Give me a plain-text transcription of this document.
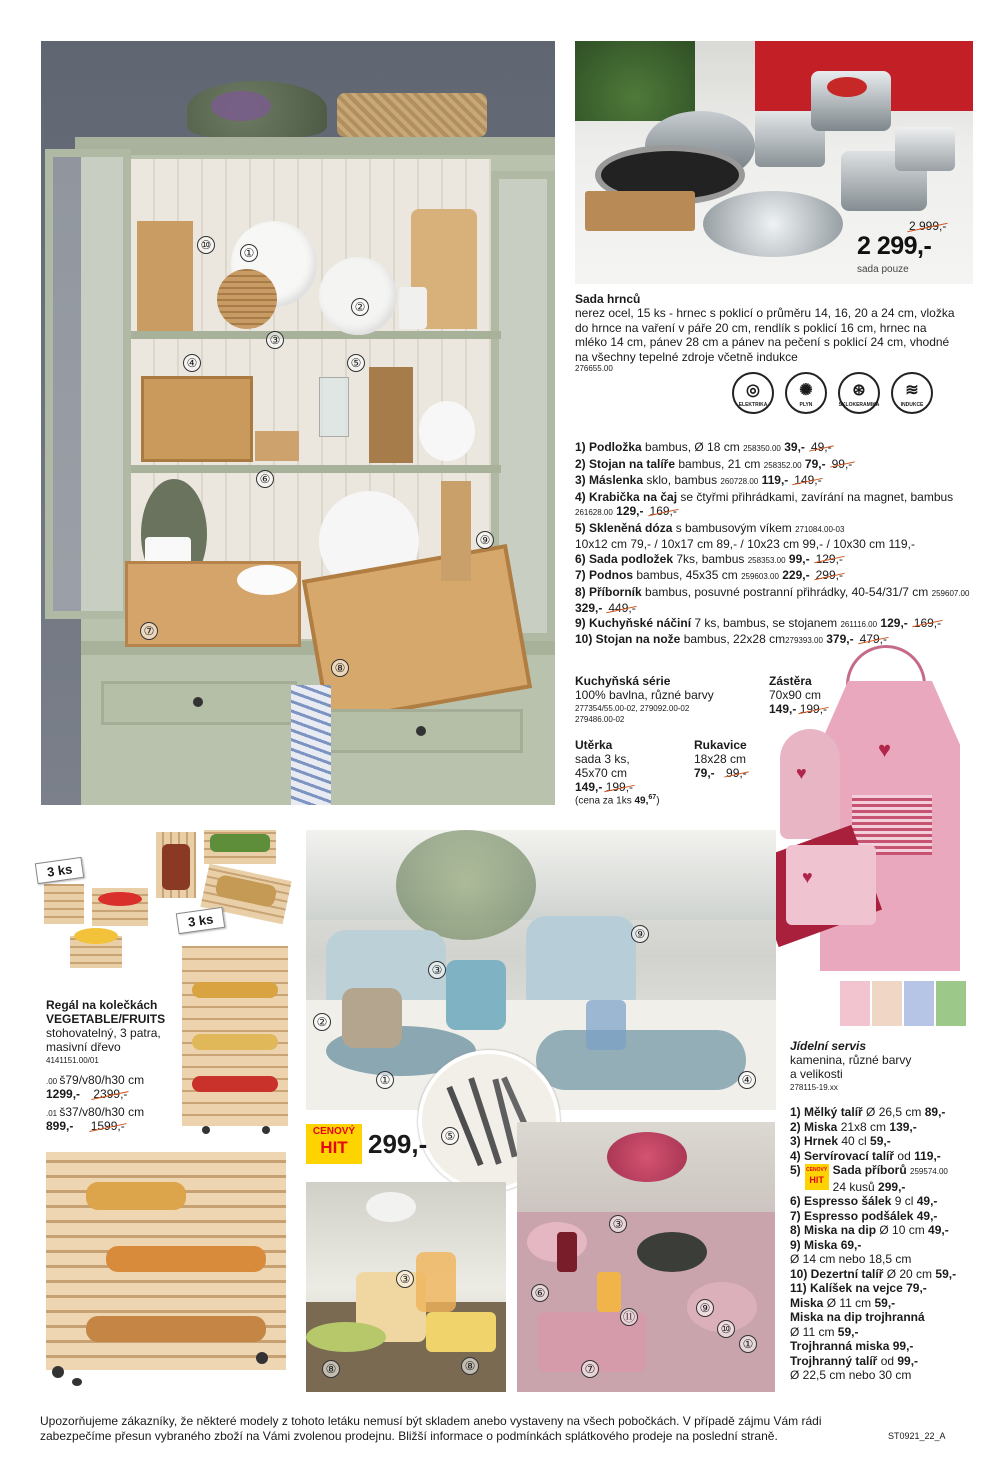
⑩
①
②
③
④	⑤
⑥
⑨
⑦
⑧
2 999,-
2 299,-
sada pouze
Sada hrnců
nerez ocel, 15 ks - hrnec s poklicí o průměru 14, 16, 20 a 24 cm, vložka do hrnce na vaření v páře 20 cm, rendlík s poklicí 16 cm, hrnec na mléko 14 cm, pánev 28 cm a pánev na pečení s poklicí 24 cm, vhodné na všechny tepelné zdroje včetně indukce
276655.00
◎
ELEKTRIKA
✺
PLYN
⊛
SKLOKERAMIKA
≋
INDUKCE
1) Podložka bambus, Ø 18 cm 258350.00 39,- 49,-
2) Stojan na talíře bambus, 21 cm 258352.00 79,- 99,-
3) Máslenka sklo, bambus 260728.00 119,- 149,-
4) Krabička na čaj se čtyřmi přihrádkami, zavírání na magnet, bambus 261628.00 129,- 169,-
5) Skleněná dóza s bambusovým víkem 271084.00-03
10x12 cm 79,- / 10x17 cm 89,- / 10x23 cm 99,- / 10x30 cm 119,-
6) Sada podložek 7ks, bambus 258353.00 99,- 129,-
7) Podnos bambus, 45x35 cm 259603.00 229,- 299,-
8) Příborník bambus, posuvné postranní přihrádky, 40-54/31/7 cm 259607.00 329,- 449,-
9) Kuchyňské náčiní 7 ks, bambus, se stojanem 261116.00 129,- 169,-
10) Stojan na nože bambus, 22x28 cm279393.00 379,- 479,-
Kuchyňská série
100% bavlna, různé barvy
277354/55.00-02, 279092.00-02
279486.00-02
Zástěra
70x90 cm
149,- 199,-
Utěrka
sada 3 ks,
45x70 cm
149,- 199,-
(cena za 1ks 49,67)
Rukavice
18x28 cm
79,- 99,-
♥
♥
♥
3 ks
3 ks
Regál na kolečkách
VEGETABLE/FRUITS
stohovatelný, 3 patra,
masivní dřevo
4141151.00/01
.00 š79/v80/h30 cm
1299,- 2399,-
.01 š37/v80/h30 cm
899,- 1599,-	CENOVÝ
HIT 299,-
⑨
③
②
①	④
⑤
③
⑧	⑧
③
⑥
⑪
⑨
⑩
①
⑦
Jídelní servis
kamenina, různé barvy
a velikosti
278115-19.xx
1) Mělký talíř Ø 26,5 cm 89,-
2) Miska 21x8 cm 139,-
3) Hrnek 40 cl 59,-
4) Servírovací talíř od 119,-
5) CENOVÝ
HIT
Sada příborů 259574.00
24 kusů 299,-
6) Espresso šálek 9 cl 49,-
7) Espresso podšálek 49,-
8) Miska na dip Ø 10 cm 49,-
9) Miska 69,-
Ø 14 cm nebo 18,5 cm
10) Dezertní talíř Ø 20 cm 59,-
11) Kalíšek na vejce 79,-
Miska Ø 11 cm 59,-
Miska na dip trojhranná
Ø 11 cm 59,-
Trojhranná miska 99,-
Trojhranný talíř od 99,-
Ø 22,5 cm nebo 30 cm
Upozorňujeme zákazníky, že některé modely z tohoto letáku nemusí být skladem anebo vystaveny na všech pobočkách. V případě zájmu Vám rádi
zabezpečíme přesun vybraného zboží na Vámi zvolenou prodejnu. Bližší informace o podmínkách splátkového prodeje na poslední straně.	ST0921_22_A
